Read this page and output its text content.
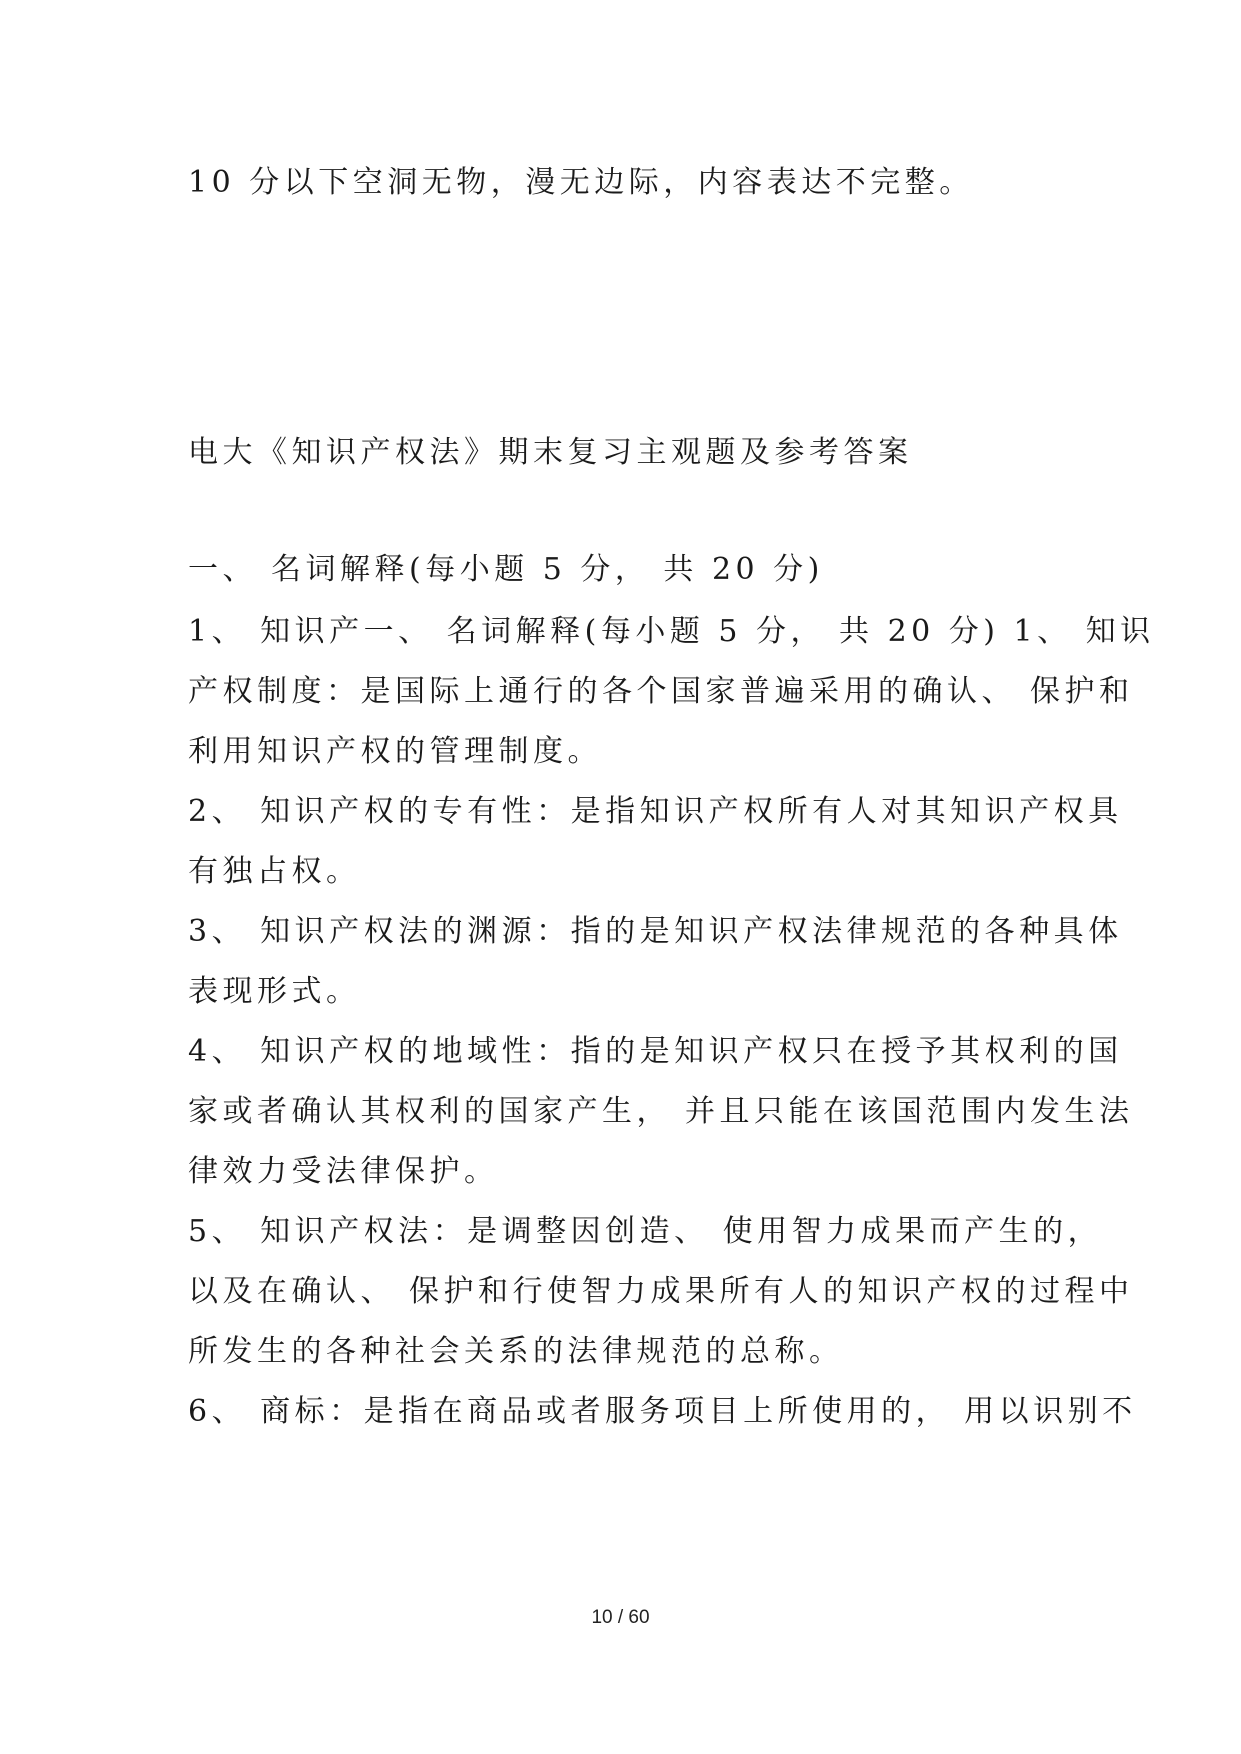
10 分以下空洞无物，漫无边际，内容表达不完整。

电大《知识产权法》期末复习主观题及参考答案

一、 名词解释(每小题 5 分， 共 20 分)

1、 知识产一、 名词解释(每小题 5 分， 共 20 分) 1、 知识

产权制度：是国际上通行的各个国家普遍采用的确认、 保护和

利用知识产权的管理制度。

2、 知识产权的专有性：是指知识产权所有人对其知识产权具

有独占权。

3、 知识产权法的渊源：指的是知识产权法律规范的各种具体

表现形式。

4、 知识产权的地域性：指的是知识产权只在授予其权利的国

家或者确认其权利的国家产生， 并且只能在该国范围内发生法

律效力受法律保护。

5、 知识产权法：是调整因创造、 使用智力成果而产生的，

以及在确认、 保护和行使智力成果所有人的知识产权的过程中

所发生的各种社会关系的法律规范的总称。

6、 商标：是指在商品或者服务项目上所使用的， 用以识别不

10 / 60
